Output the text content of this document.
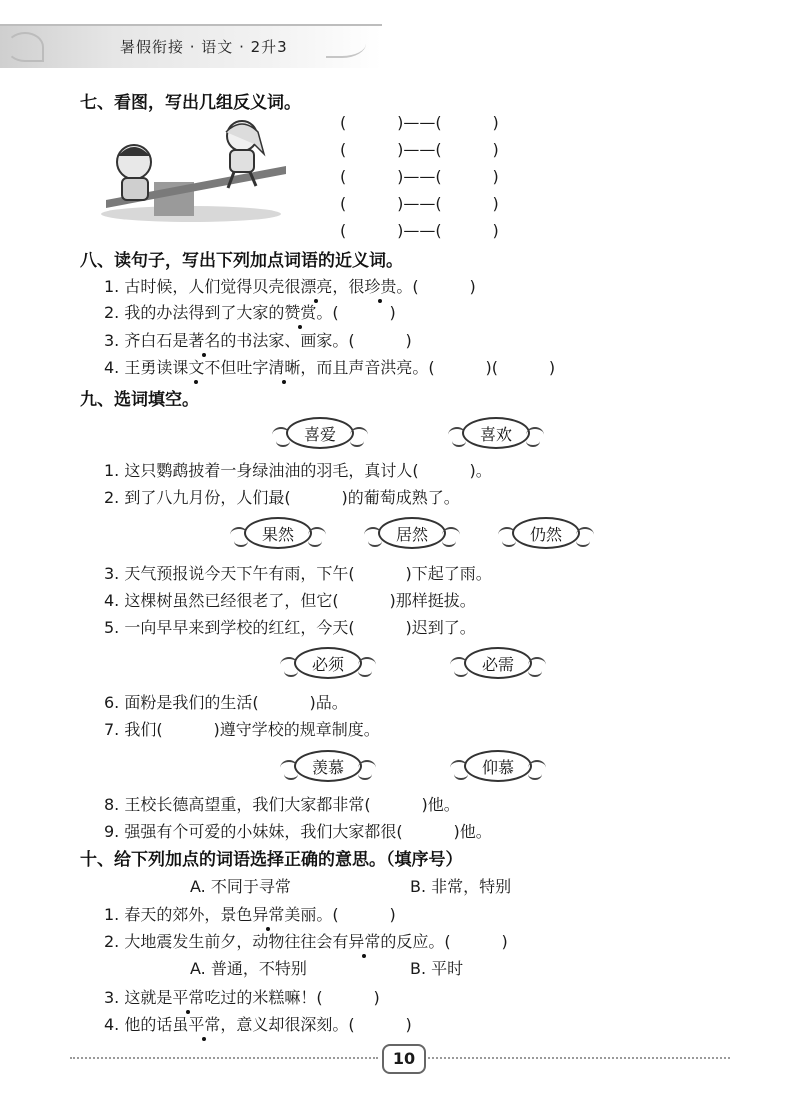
暑假衔接 · 语文 · 2升3
七、看图，写出几组反义词。
(          )——(          )
(          )——(          )
(          )——(          )
(          )——(          )
(          )——(          )
八、读句子，写出下列加点词语的近义词。
1. 古时候，人们觉得贝壳很漂亮，很珍贵。(          )
2. 我的办法得到了大家的赞赏。(          )
3. 齐白石是著名的书法家、画家。(          )
4. 王勇读课文不但吐字清晰，而且声音洪亮。(          )(          )
九、选词填空。
喜爱	喜欢
1. 这只鹦鹉披着一身绿油油的羽毛，真讨人(          )。
2. 到了八九月份，人们最(          )的葡萄成熟了。
果然	居然	仍然
3. 天气预报说今天下午有雨，下午(          )下起了雨。
4. 这棵树虽然已经很老了，但它(          )那样挺拔。
5. 一向早早来到学校的红红，今天(          )迟到了。
必须	必需
6. 面粉是我们的生活(          )品。
7. 我们(          )遵守学校的规章制度。
羡慕	仰慕
8. 王校长德高望重，我们大家都非常(          )他。
9. 强强有个可爱的小妹妹，我们大家都很(          )他。
十、给下列加点的词语选择正确的意思。（填序号）
A. 不同于寻常	B. 非常，特别
1. 春天的郊外，景色异常美丽。(          )
2. 大地震发生前夕，动物往往会有异常的反应。(          )
A. 普通，不特别	B. 平时
3. 这就是平常吃过的米糕嘛！(          )
4. 他的话虽平常，意义却很深刻。(          )
10
